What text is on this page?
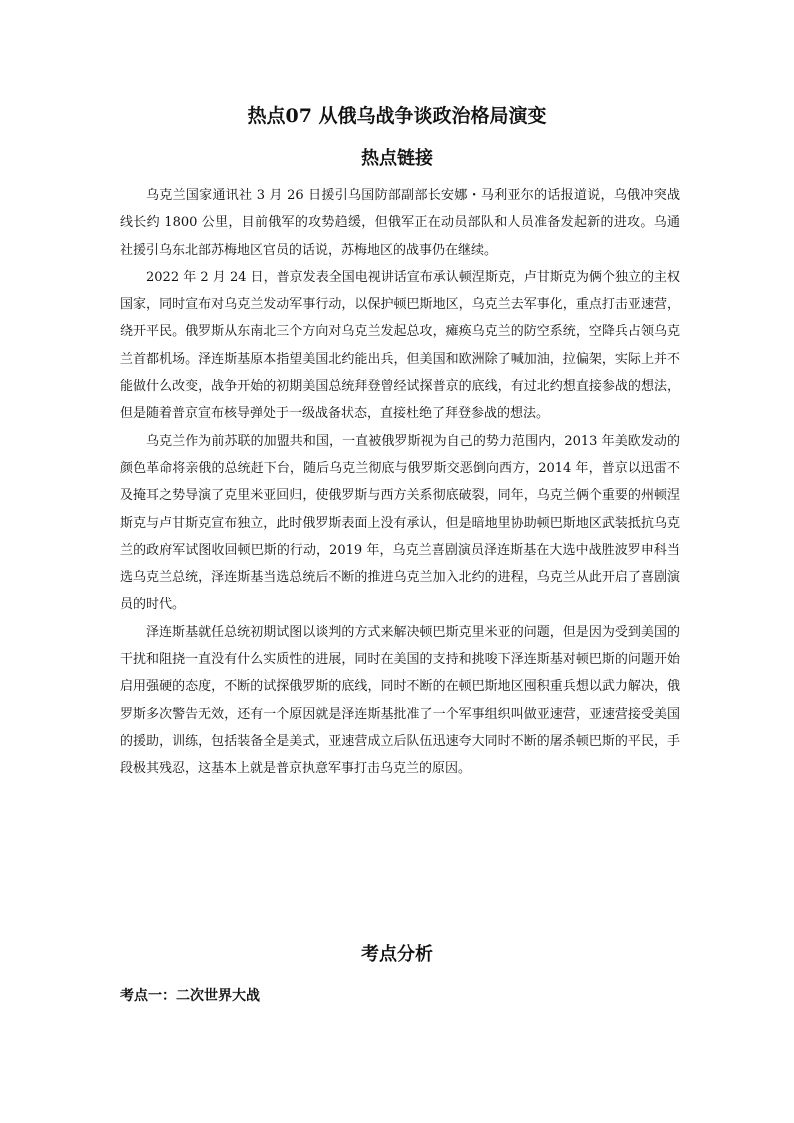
热点07 从俄乌战争谈政治格局演变
热点链接

乌克兰国家通讯社 3 月 26 日援引乌国防部副部长安娜・马利亚尔的话报道说，乌俄冲突战线长约 1800 公里，目前俄军的攻势趋缓，但俄军正在动员部队和人员准备发起新的进攻。乌通社援引乌东北部苏梅地区官员的话说，苏梅地区的战事仍在继续。

2022 年 2 月 24 日，普京发表全国电视讲话宣布承认顿涅斯克，卢甘斯克为俩个独立的主权国家，同时宣布对乌克兰发动军事行动，以保护顿巴斯地区，乌克兰去军事化，重点打击亚速营，绕开平民。俄罗斯从东南北三个方向对乌克兰发起总攻，瘫痪乌克兰的防空系统，空降兵占领乌克兰首都机场。泽连斯基原本指望美国北约能出兵，但美国和欧洲除了喊加油，拉偏架，实际上并不能做什么改变，战争开始的初期美国总统拜登曾经试探普京的底线，有过北约想直接参战的想法，但是随着普京宣布核导弹处于一级战备状态，直接杜绝了拜登参战的想法。

乌克兰作为前苏联的加盟共和国，一直被俄罗斯视为自己的势力范围内，2013 年美欧发动的颜色革命将亲俄的总统赶下台，随后乌克兰彻底与俄罗斯交恶倒向西方，2014 年，普京以迅雷不及掩耳之势导演了克里米亚回归，使俄罗斯与西方关系彻底破裂，同年，乌克兰俩个重要的州顿涅斯克与卢甘斯克宣布独立，此时俄罗斯表面上没有承认，但是暗地里协助顿巴斯地区武装抵抗乌克兰的政府军试图收回顿巴斯的行动，2019 年，乌克兰喜剧演员泽连斯基在大选中战胜波罗申科当选乌克兰总统，泽连斯基当选总统后不断的推进乌克兰加入北约的进程，乌克兰从此开启了喜剧演员的时代。

泽连斯基就任总统初期试图以谈判的方式来解决顿巴斯克里米亚的问题，但是因为受到美国的干扰和阻挠一直没有什么实质性的进展，同时在美国的支持和挑唆下泽连斯基对顿巴斯的问题开始启用强硬的态度，不断的试探俄罗斯的底线，同时不断的在顿巴斯地区囤积重兵想以武力解决，俄罗斯多次警告无效，还有一个原因就是泽连斯基批准了一个军事组织叫做亚速营，亚速营接受美国的援助，训练，包括装备全是美式，亚速营成立后队伍迅速夸大同时不断的屠杀顿巴斯的平民，手段极其残忍，这基本上就是普京执意军事打击乌克兰的原因。

考点分析
考点一：二次世界大战
